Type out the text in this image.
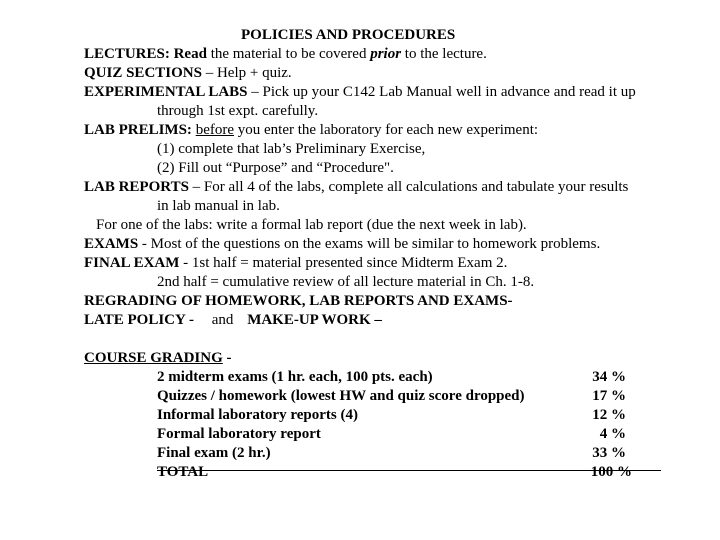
POLICIES AND PROCEDURES
LECTURES: Read the material to be covered prior to the lecture.
QUIZ SECTIONS – Help + quiz.
EXPERIMENTAL LABS – Pick up your C142 Lab Manual well in advance and read it up
through 1st expt. carefully.
LAB PRELIMS: before you enter the laboratory for each new experiment:
(1) complete that lab’s Preliminary Exercise,
(2) Fill out “Purpose” and “Procedure".
LAB REPORTS – For all 4 of the labs, complete all calculations and tabulate your results
in lab manual in lab.
For one of the labs: write a formal lab report (due the next week in lab).
EXAMS - Most of the questions on the exams will be similar to homework problems.
FINAL EXAM - 1st half = material presented since Midterm Exam 2.
2nd half = cumulative review of all lecture material in Ch. 1-8.
REGRADING OF HOMEWORK, LAB REPORTS AND EXAMS-
LATE POLICY - and MAKE-UP WORK –
COURSE GRADING -
2 midterm exams (1 hr. each, 100 pts. each)	34 %
Quizzes / homework (lowest HW and quiz score dropped)	17 %
Informal laboratory reports (4)	12 %
Formal laboratory report	4 %
Final exam (2 hr.)	33 %
TOTAL	100 %
